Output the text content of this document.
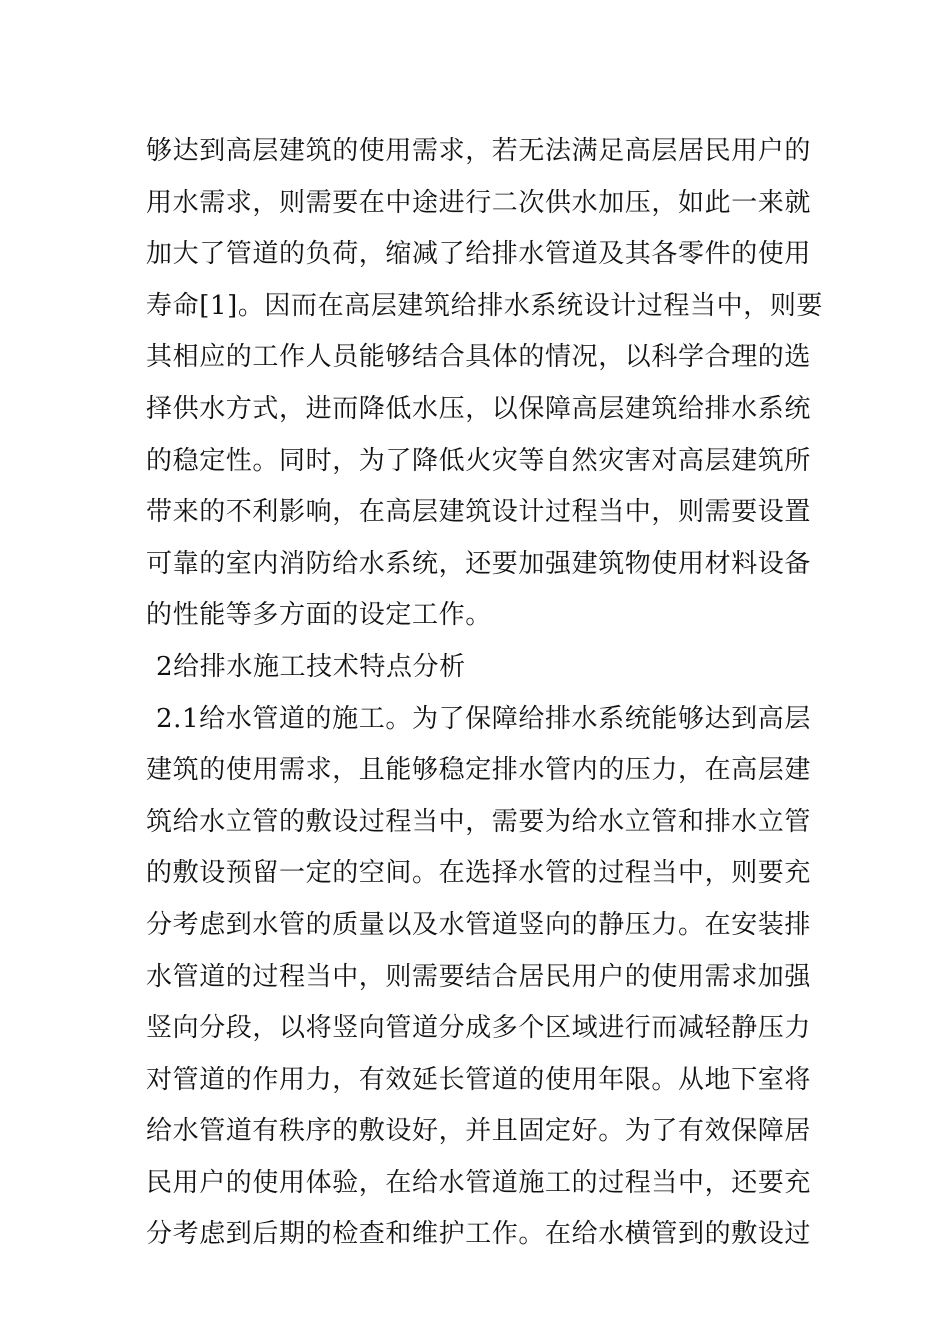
够达到高层建筑的使用需求，若无法满足高层居民用户的
用水需求，则需要在中途进行二次供水加压，如此一来就
加大了管道的负荷，缩减了给排水管道及其各零件的使用
寿命[1]。因而在高层建筑给排水系统设计过程当中，则要
其相应的工作人员能够结合具体的情况，以科学合理的选
择供水方式，进而降低水压，以保障高层建筑给排水系统
的稳定性。同时，为了降低火灾等自然灾害对高层建筑所
带来的不利影响，在高层建筑设计过程当中，则需要设置
可靠的室内消防给水系统，还要加强建筑物使用材料设备
的性能等多方面的设定工作。
2给排水施工技术特点分析
2.1给水管道的施工。为了保障给排水系统能够达到高层
建筑的使用需求，且能够稳定排水管内的压力，在高层建
筑给水立管的敷设过程当中，需要为给水立管和排水立管
的敷设预留一定的空间。在选择水管的过程当中，则要充
分考虑到水管的质量以及水管道竖向的静压力。在安装排
水管道的过程当中，则需要结合居民用户的使用需求加强
竖向分段，以将竖向管道分成多个区域进行而减轻静压力
对管道的作用力，有效延长管道的使用年限。从地下室将
给水管道有秩序的敷设好，并且固定好。为了有效保障居
民用户的使用体验，在给水管道施工的过程当中，还要充
分考虑到后期的检查和维护工作。在给水横管到的敷设过
